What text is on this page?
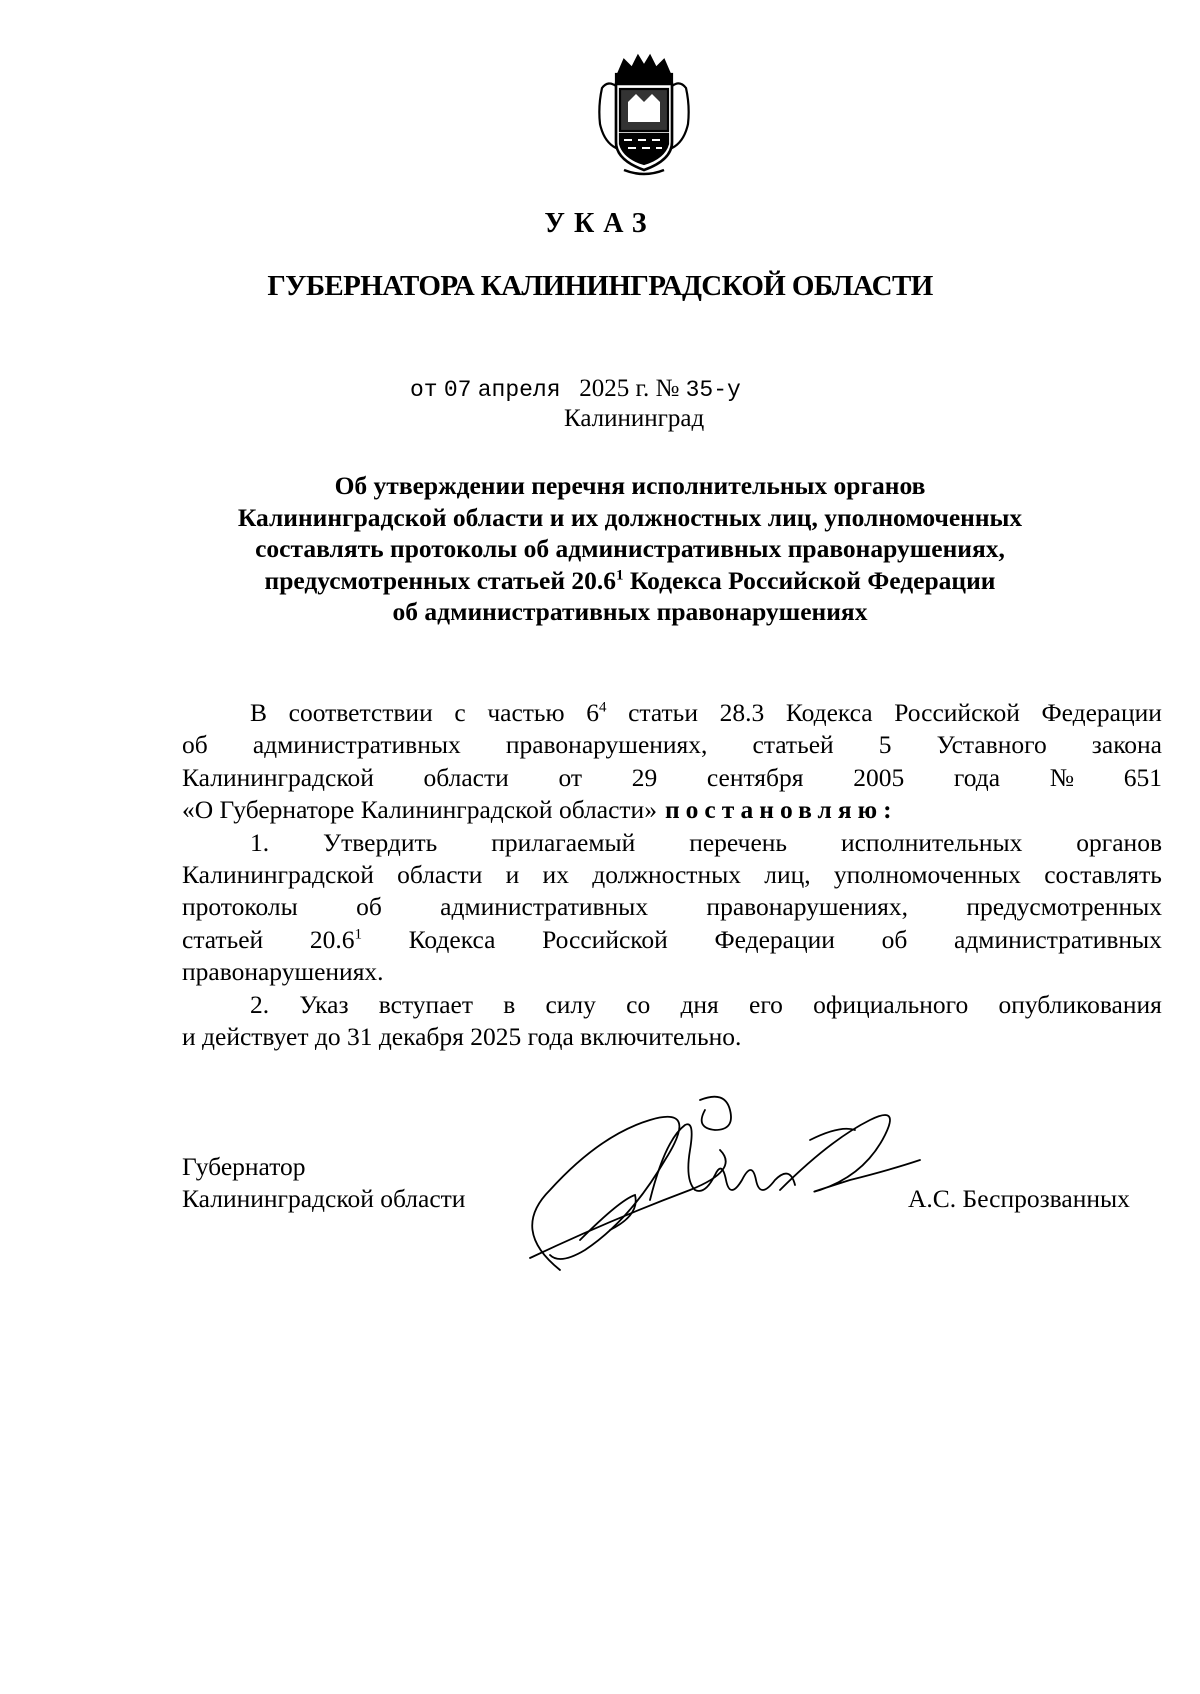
УКАЗ
ГУБЕРНАТОРА КАЛИНИНГРАДСКОЙ ОБЛАСТИ
от 07 апреля 2025 г. № 35-у
Калининград
Об утверждении перечня исполнительных органов
Калининградской области и их должностных лиц, уполномоченных
составлять протоколы об административных правонарушениях,
предусмотренных статьей 20.6$^1$ Кодекса Российской Федерации
об административных правонарушениях
В соответствии с частью $6^4$ статьи 28.3 Кодекса Российской Федерации
об административных правонарушениях, статьей 5 Уставного закона
Калининградской области от 29 сентября 2005 года № 651
«О Губернаторе Калининградской области» постановляю:
1. Утвердить прилагаемый перечень исполнительных органов
Калининградской области и их должностных лиц, уполномоченных составлять
протоколы об административных правонарушениях, предусмотренных
статьей 20.6$^1$ Кодекса Российской Федерации об административных
правонарушениях.
2. Указ вступает в силу со дня его официального опубликования
и действует до 31 декабря 2025 года включительно.
Губернатор
Калининградской области	А.С. Беспрозванных
